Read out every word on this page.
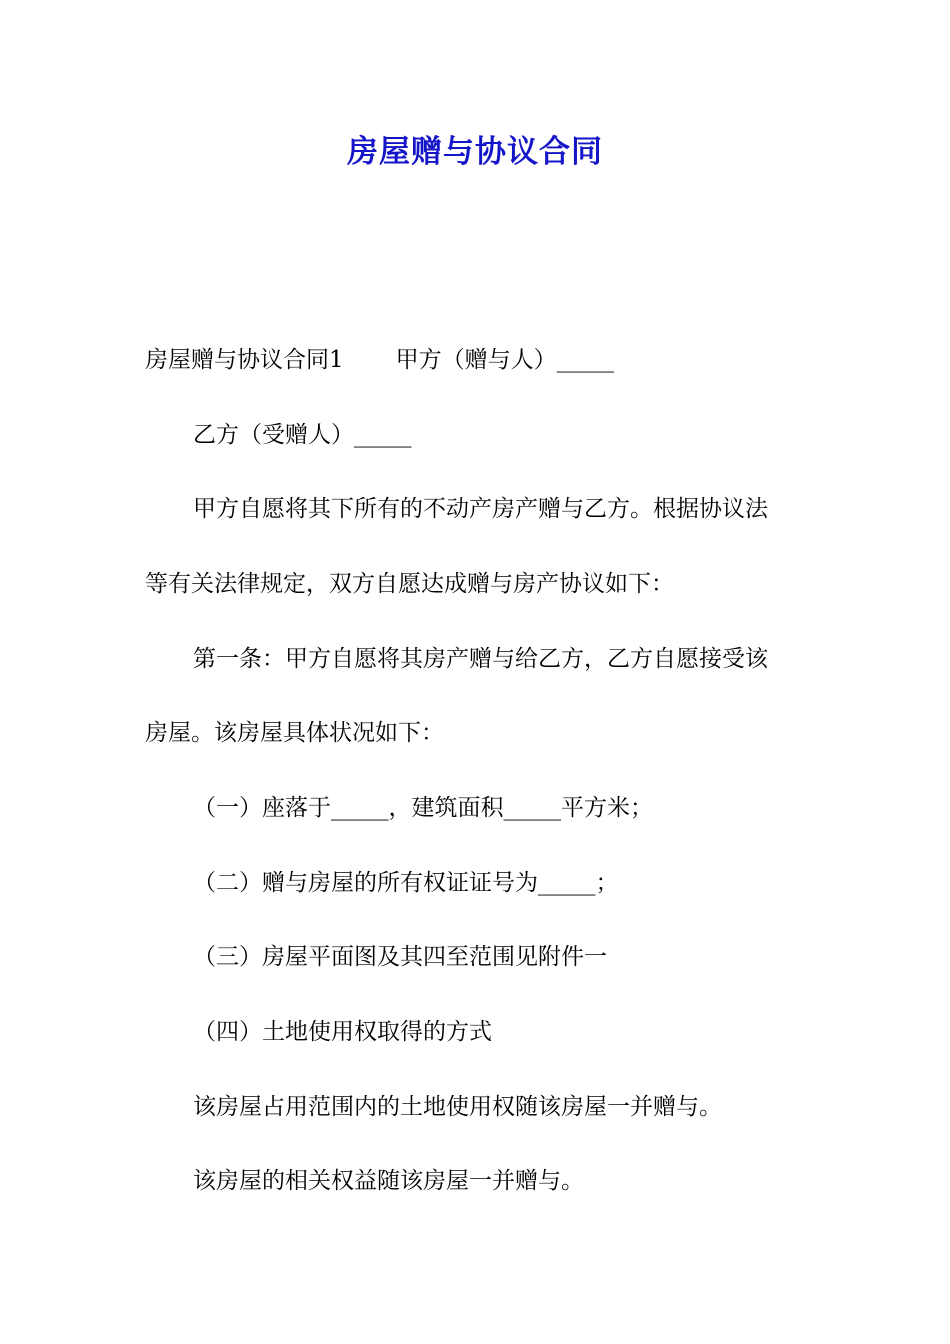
房屋赠与协议合同
房屋赠与协议合同1 甲方（赠与人）_____
乙方（受赠人）_____
甲方自愿将其下所有的不动产房产赠与乙方。根据协议法
等有关法律规定，双方自愿达成赠与房产协议如下：
第一条：甲方自愿将其房产赠与给乙方，乙方自愿接受该
房屋。该房屋具体状况如下：
（一）座落于_____，建筑面积_____平方米；
（二）赠与房屋的所有权证证号为_____；
（三）房屋平面图及其四至范围见附件一
（四）土地使用权取得的方式
该房屋占用范围内的土地使用权随该房屋一并赠与。
该房屋的相关权益随该房屋一并赠与。
